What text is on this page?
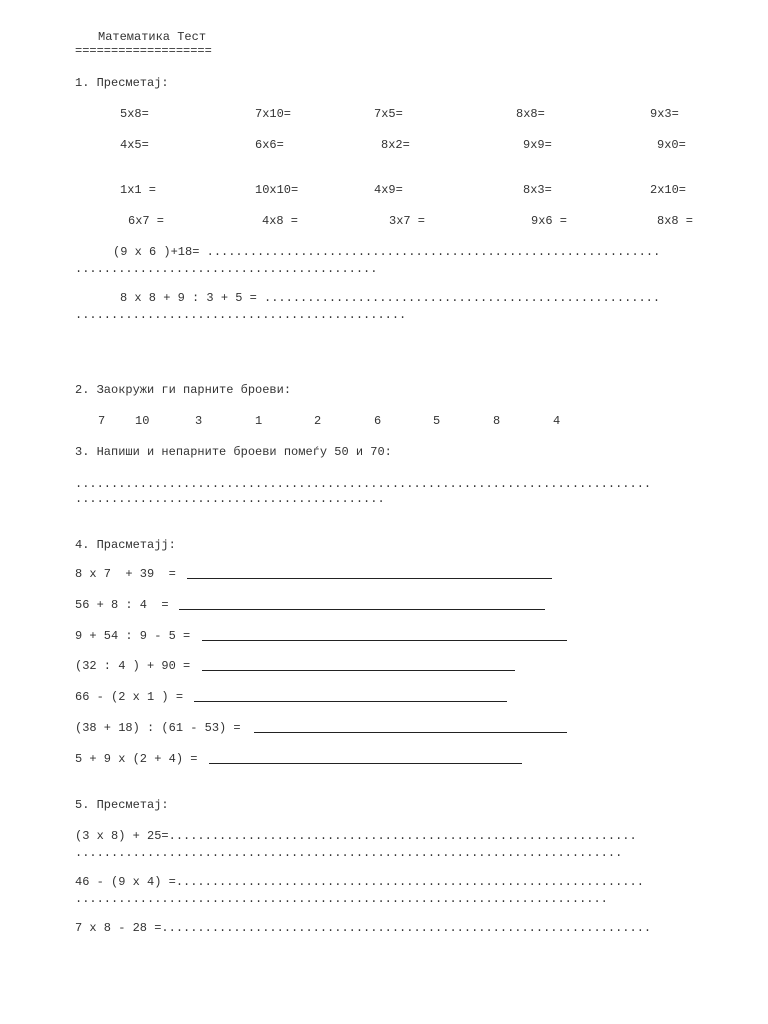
Математика Тест
===================
1. Пресметај:
5x8=	7x10=	7x5=	8x8=	9x3=
4x5=	6x6=	8x2=	9x9=	9x0=
1x1 =	10x10=	4x9=	8x3=	2x10=
6x7 =	4x8 =	3x7 =	9x6 =	8x8 =
(9 x 6 )+18= ...............................................................
..........................................
8 x 8 + 9 : 3 + 5 = .......................................................
..............................................
2. Заокружи ги парните броеви:
7 10	3	1	2	6	5	8	4
3. Напиши и непарните броеви помеѓу 50 и 70:
................................................................................
...........................................
4. Прасметајј:
8 x 7  + 39  =
56 + 8 : 4  =
9 + 54 : 9 - 5 =
(32 : 4 ) + 90 =
66 - (2 x 1 ) =
(38 + 18) : (61 - 53) =
5 + 9 x (2 + 4) =
5. Пресметај:
(3 x 8) + 25=.................................................................
............................................................................
46 - (9 x 4) =.................................................................
..........................................................................
7 x 8 - 28 =....................................................................
